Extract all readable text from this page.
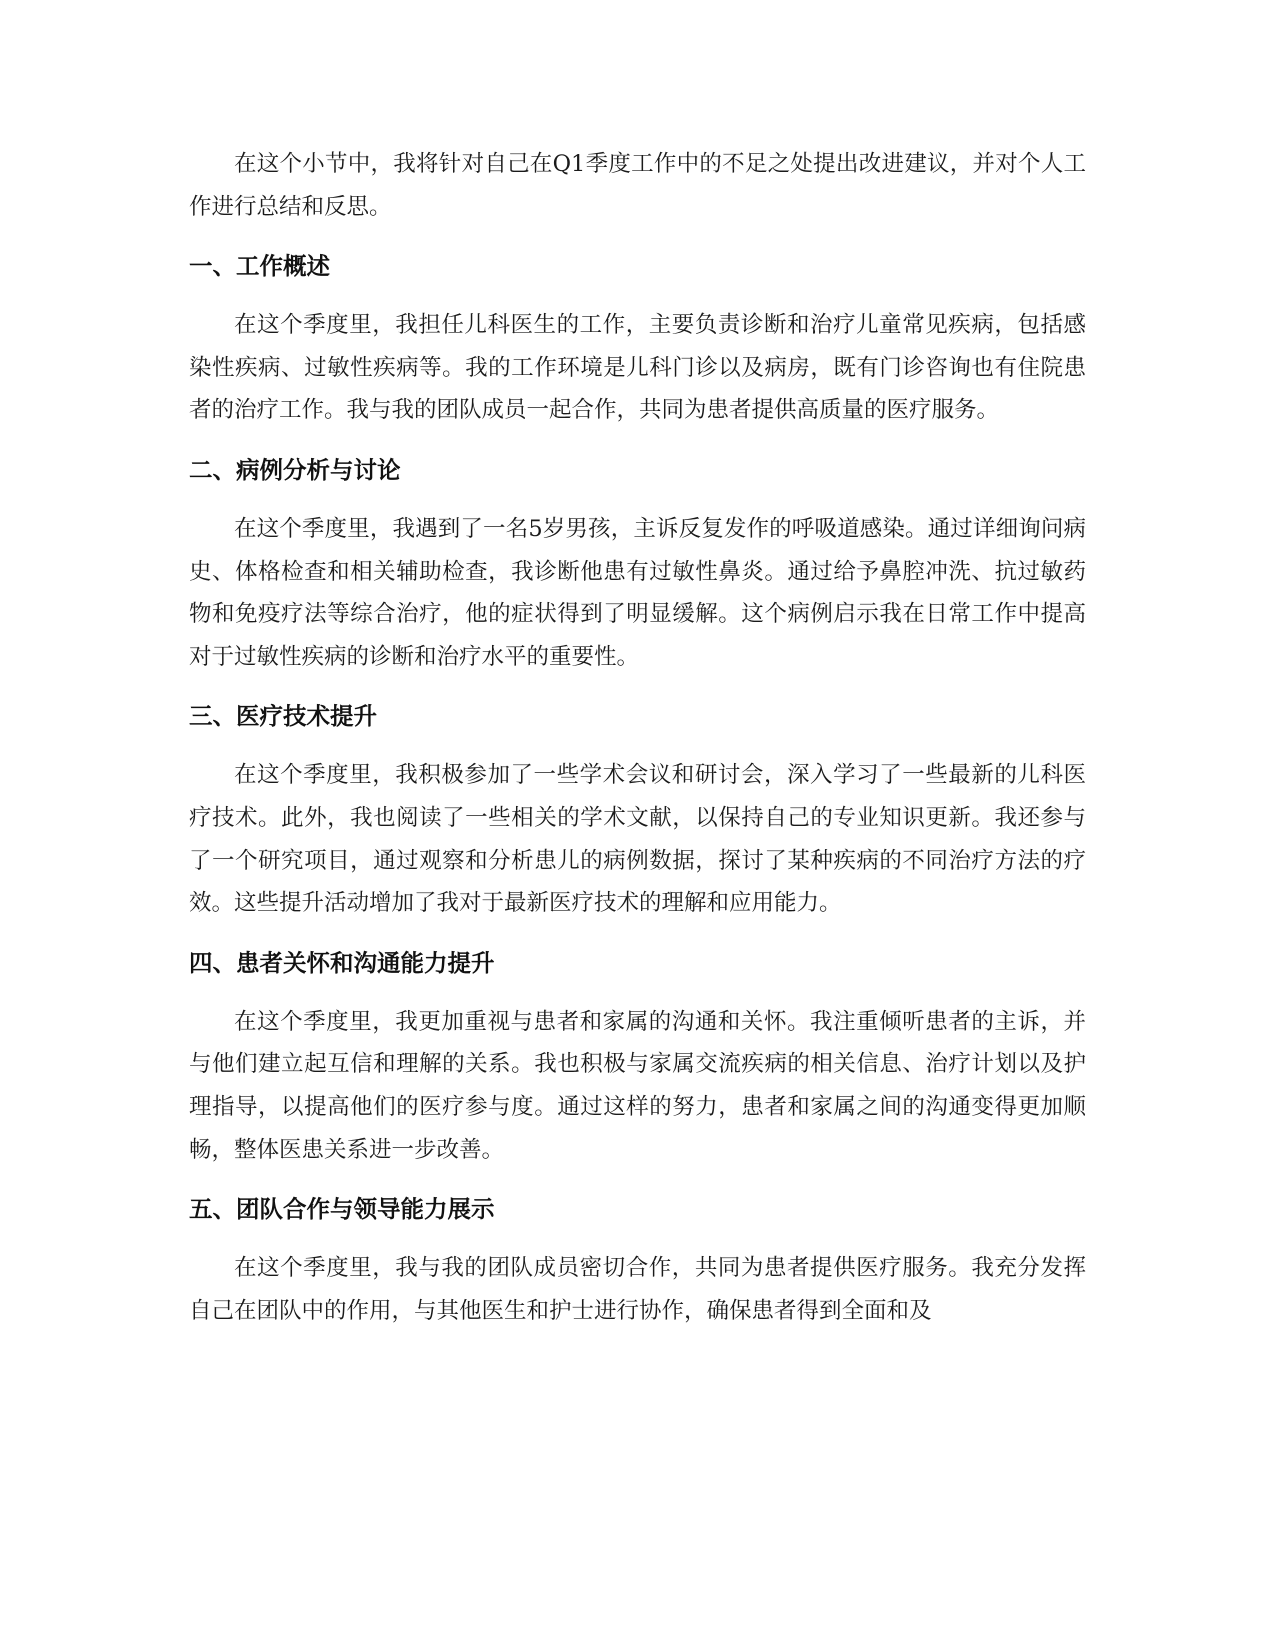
在这个小节中，我将针对自己在Q1季度工作中的不足之处提出改进建议，并对个人工作进行总结和反思。

一、工作概述

在这个季度里，我担任儿科医生的工作，主要负责诊断和治疗儿童常见疾病，包括感染性疾病、过敏性疾病等。我的工作环境是儿科门诊以及病房，既有门诊咨询也有住院患者的治疗工作。我与我的团队成员一起合作，共同为患者提供高质量的医疗服务。

二、病例分析与讨论

在这个季度里，我遇到了一名5岁男孩，主诉反复发作的呼吸道感染。通过详细询问病史、体格检查和相关辅助检查，我诊断他患有过敏性鼻炎。通过给予鼻腔冲洗、抗过敏药物和免疫疗法等综合治疗，他的症状得到了明显缓解。这个病例启示我在日常工作中提高对于过敏性疾病的诊断和治疗水平的重要性。

三、医疗技术提升

在这个季度里，我积极参加了一些学术会议和研讨会，深入学习了一些最新的儿科医疗技术。此外，我也阅读了一些相关的学术文献，以保持自己的专业知识更新。我还参与了一个研究项目，通过观察和分析患儿的病例数据，探讨了某种疾病的不同治疗方法的疗效。这些提升活动增加了我对于最新医疗技术的理解和应用能力。

四、患者关怀和沟通能力提升

在这个季度里，我更加重视与患者和家属的沟通和关怀。我注重倾听患者的主诉，并与他们建立起互信和理解的关系。我也积极与家属交流疾病的相关信息、治疗计划以及护理指导，以提高他们的医疗参与度。通过这样的努力，患者和家属之间的沟通变得更加顺畅，整体医患关系进一步改善。

五、团队合作与领导能力展示

在这个季度里，我与我的团队成员密切合作，共同为患者提供医疗服务。我充分发挥自己在团队中的作用，与其他医生和护士进行协作，确保患者得到全面和及
